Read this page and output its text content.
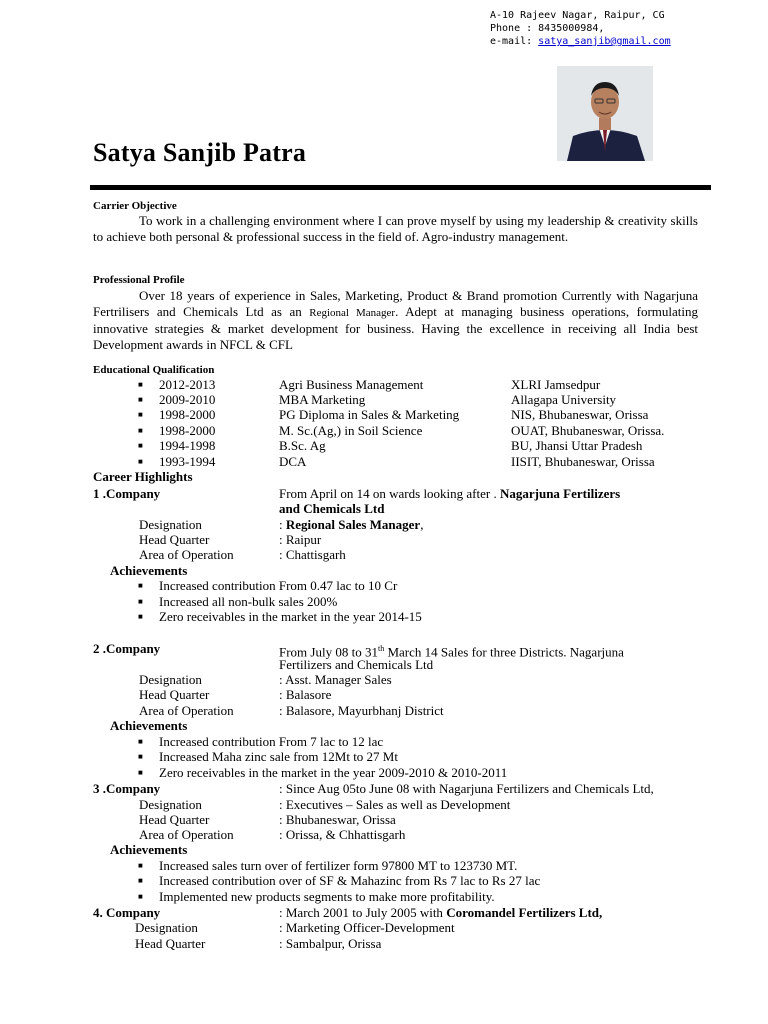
A-10 Rajeev Nagar, Raipur, CG
Phone : 8435000984,
e-mail: satya_sanjib@gmail.com
Satya Sanjib Patra
Carrier Objective
To work in a challenging environment where I can prove myself by using my leadership & creativity skills to achieve both personal & professional success in the field of. Agro-industry management.
Professional Profile
Over 18 years of experience in Sales, Marketing, Product & Brand promotion Currently with Nagarjuna Fertrilisers and Chemicals Ltd as an Regional Manager. Adept at managing business operations, formulating innovative strategies & market development for business. Having the excellence in receiving all India best Development awards in NFCL & CFL
Educational Qualification
■ 2012-2013	Agri Business Management	XLRI Jamsedpur
■ 2009-2010	MBA Marketing	Allagapa University
■ 1998-2000	PG Diploma in Sales & Marketing	NIS, Bhubaneswar, Orissa
■ 1998-2000	M. Sc.(Ag,) in Soil Science	OUAT, Bhubaneswar, Orissa.
■ 1994-1998	B.Sc. Ag	BU, Jhansi Uttar Pradesh
■ 1993-1994	DCA	IISIT, Bhubaneswar, Orissa
Career Highlights
1 .Company	From April on 14 on wards looking after . Nagarjuna Fertilizers
and Chemicals Ltd
Designation	: Regional Sales Manager,
Head Quarter	: Raipur
Area of Operation	: Chattisgarh
Achievements
■ Increased contribution From 0.47 lac to 10 Cr
■ Increased all non-bulk sales 200%
■ Zero receivables in the market in the year 2014-15
2 .Company	From July 08 to 31th March 14 Sales for three Districts. Nagarjuna
Fertilizers and Chemicals Ltd
Designation	: Asst. Manager Sales
Head Quarter	: Balasore
Area of Operation	: Balasore, Mayurbhanj District
Achievements
■ Increased contribution From 7 lac to 12 lac
■ Increased Maha zinc sale from 12Mt to 27 Mt
■ Zero receivables in the market in the year 2009-2010 & 2010-2011
3 .Company	: Since Aug 05to June 08 with Nagarjuna Fertilizers and Chemicals Ltd,
Designation	: Executives – Sales as well as Development
Head Quarter	: Bhubaneswar, Orissa
Area of Operation	: Orissa, & Chhattisgarh
Achievements
■ Increased sales turn over of fertilizer form 97800 MT to 123730 MT.
■ Increased contribution over of SF & Mahazinc from Rs 7 lac to Rs 27 lac
■ Implemented new products segments to make more profitability.
4. Company	: March 2001 to July 2005 with Coromandel Fertilizers Ltd,
Designation	: Marketing Officer-Development
Head Quarter	: Sambalpur, Orissa
